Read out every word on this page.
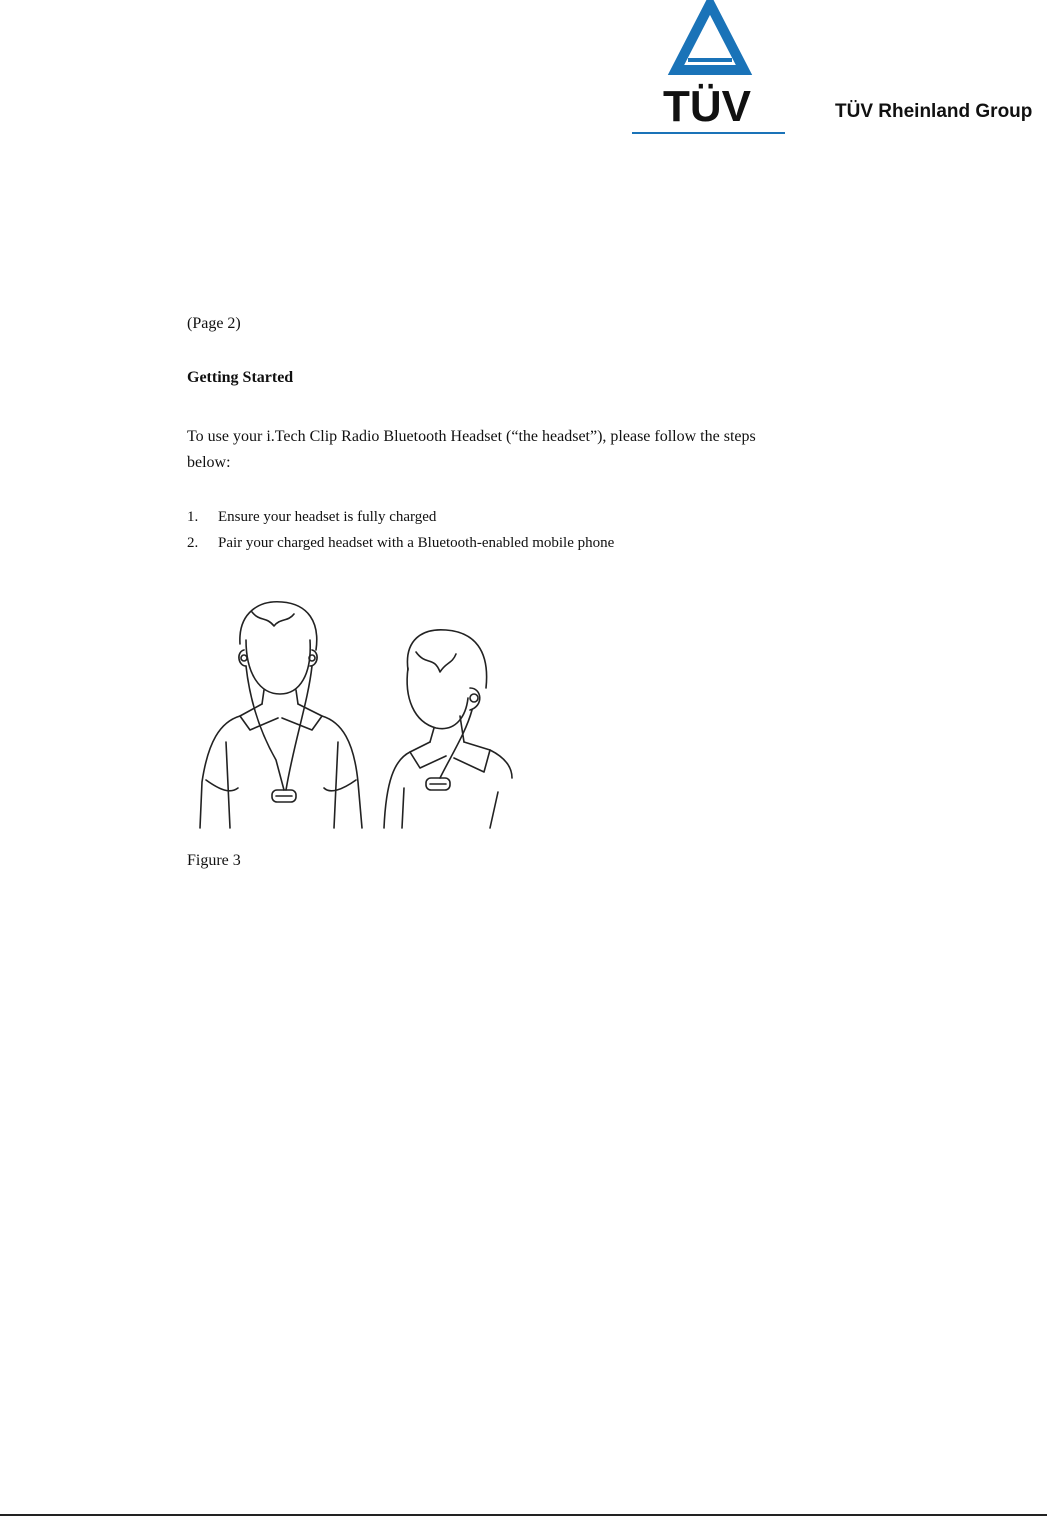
TÜV	TÜV Rheinland Group
(Page 2)
Getting Started

To use your i.Tech Clip Radio Bluetooth Headset (“the headset”), please follow the steps below:

1.	Ensure your headset is fully charged
2.	Pair your charged headset with a Bluetooth-enabled mobile phone
Figure 3
